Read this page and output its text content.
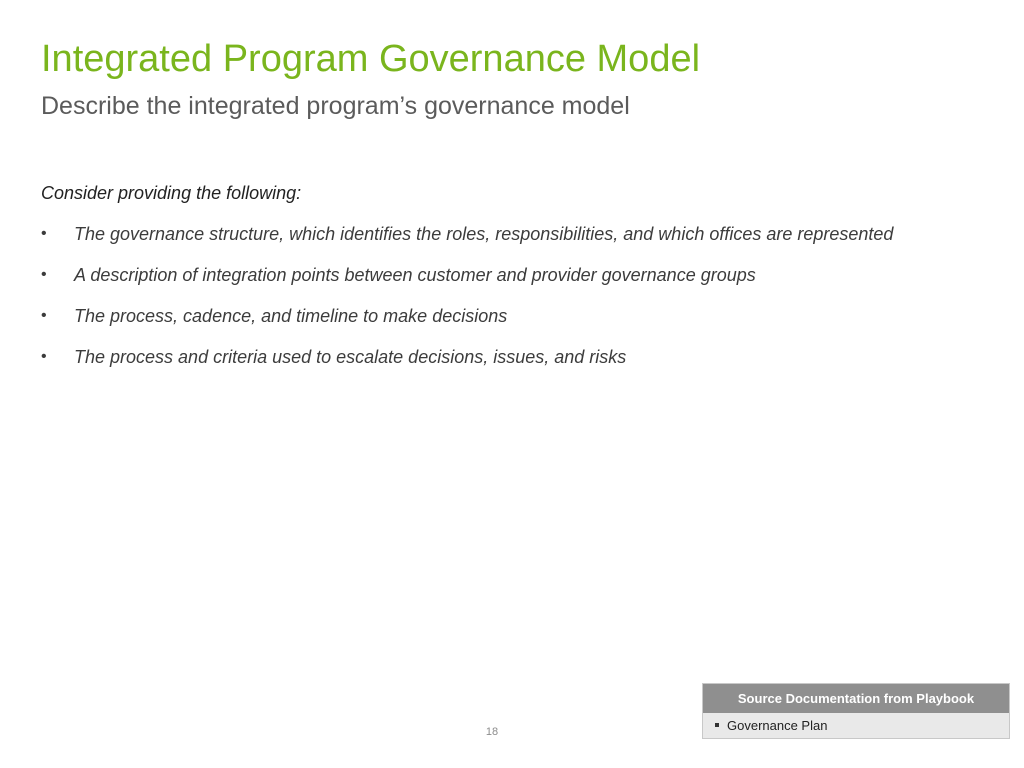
Integrated Program Governance Model
Describe the integrated program’s governance model
Consider providing the following:
• The governance structure, which identifies the roles, responsibilities, and which offices are represented
• A description of integration points between customer and provider governance groups
• The process, cadence, and timeline to make decisions
• The process and criteria used to escalate decisions, issues, and risks
18
Source Documentation from Playbook
Governance Plan
